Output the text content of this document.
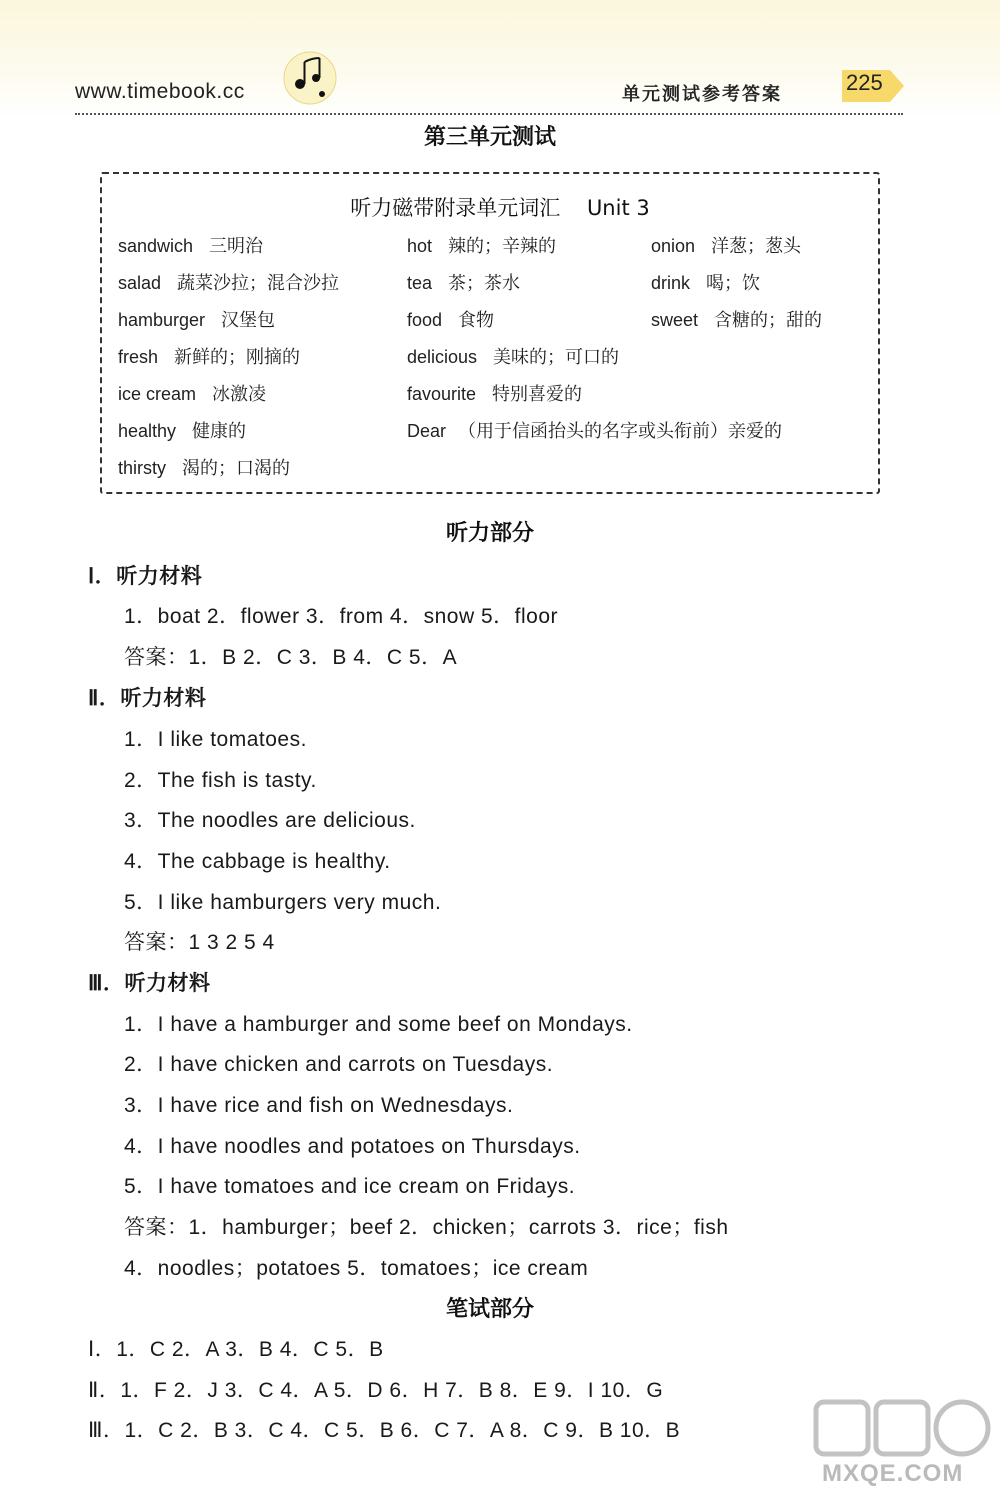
www.timebook.cc	单元测试参考答案	225
第三单元测试
听力磁带附录单元词汇 Unit 3
sandwich 三明治	hot 辣的；辛辣的	onion 洋葱；葱头
salad 蔬菜沙拉；混合沙拉	tea 茶；茶水	drink 喝；饮
hamburger 汉堡包	food 食物	sweet 含糖的；甜的
fresh 新鲜的；刚摘的	delicious 美味的；可口的
ice cream 冰激凌	favourite 特别喜爱的
healthy 健康的	Dear （用于信函抬头的名字或头衔前）亲爱的
thirsty 渴的；口渴的
听力部分
Ⅰ．听力材料
1．boat 2．flower 3．from 4．snow 5．floor
答案：1．B 2．C 3．B 4．C 5．A
Ⅱ．听力材料
1．I like tomatoes.
2．The fish is tasty.
3．The noodles are delicious.
4．The cabbage is healthy.
5．I like hamburgers very much.
答案：1 3 2 5 4
Ⅲ．听力材料
1．I have a hamburger and some beef on Mondays.
2．I have chicken and carrots on Tuesdays.
3．I have rice and fish on Wednesdays.
4．I have noodles and potatoes on Thursdays.
5．I have tomatoes and ice cream on Fridays.
答案：1．hamburger；beef 2．chicken；carrots 3．rice；fish
4．noodles；potatoes 5．tomatoes；ice cream
笔试部分
Ⅰ．1．C 2．A 3．B 4．C 5．B
Ⅱ．1．F 2．J 3．C 4．A 5．D 6．H 7．B 8．E 9．I 10．G
Ⅲ．1．C 2．B 3．C 4．C 5．B 6．C 7．A 8．C 9．B 10．B
MXQE.COM
